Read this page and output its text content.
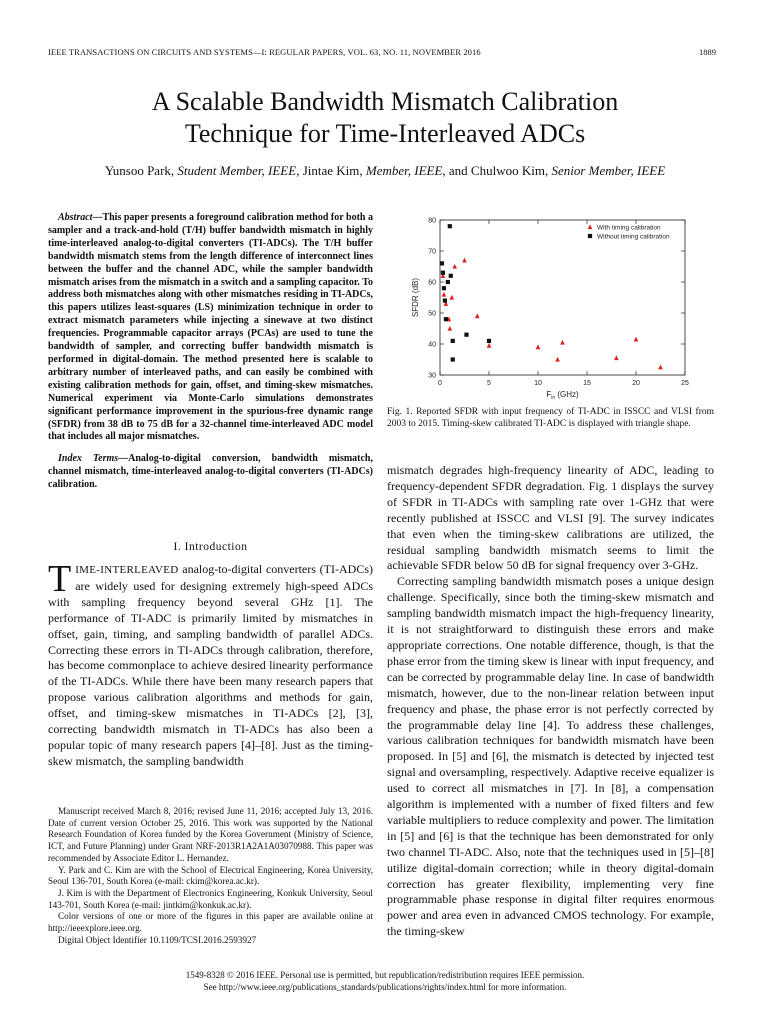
IEEE TRANSACTIONS ON CIRCUITS AND SYSTEMS—I: REGULAR PAPERS, VOL. 63, NO. 11, NOVEMBER 2016	1889
A Scalable Bandwidth Mismatch Calibration
Technique for Time-Interleaved ADCs
Yunsoo Park, Student Member, IEEE, Jintae Kim, Member, IEEE, and Chulwoo Kim, Senior Member, IEEE
Abstract—This paper presents a foreground calibration method for both a sampler and a track-and-hold (T/H) buffer bandwidth mismatch in highly time-interleaved analog-to-digital converters (TI-ADCs). The T/H buffer bandwidth mismatch stems from the length difference of interconnect lines between the buffer and the channel ADC, while the sampler bandwidth mismatch arises from the mismatch in a switch and a sampling capacitor. To address both mismatches along with other mismatches residing in TI-ADCs, this papers utilizes least-squares (LS) minimization technique in order to extract mismatch parameters while injecting a sinewave at two distinct frequencies. Programmable capacitor arrays (PCAs) are used to tune the bandwidth of sampler, and correcting buffer bandwidth mismatch is performed in digital-domain. The method presented here is scalable to arbitrary number of interleaved paths, and can easily be combined with existing calibration methods for gain, offset, and timing-skew mismatches. Numerical experiment via Monte-Carlo simulations demonstrates significant performance improvement in the spurious-free dynamic range (SFDR) from 38 dB to 75 dB for a 32-channel time-interleaved ADC model that includes all major mismatches.
Index Terms—Analog-to-digital conversion, bandwidth mismatch, channel mismatch, time-interleaved analog-to-digital converters (TI-ADCs) calibration.
I. Introduction
TIME-INTERLEAVED analog-to-digital converters (TI-ADCs) are widely used for designing extremely high-speed ADCs with sampling frequency beyond several GHz [1]. The performance of TI-ADC is primarily limited by mismatches in offset, gain, timing, and sampling bandwidth of parallel ADCs. Correcting these errors in TI-ADCs through calibration, therefore, has become commonplace to achieve desired linearity performance of the TI-ADCs. While there have been many research papers that propose various calibration algorithms and methods for gain, offset, and timing-skew mismatches in TI-ADCs [2], [3], correcting bandwidth mismatch in TI-ADCs has also been a popular topic of many research papers [4]–[8]. Just as the timing-skew mismatch, the sampling bandwidth

Manuscript received March 8, 2016; revised June 11, 2016; accepted July 13, 2016. Date of current version October 25, 2016. This work was supported by the National Research Foundation of Korea funded by the Korea Government (Ministry of Science, ICT, and Future Planning) under Grant NRF-2013R1A2A1A03070988. This paper was recommended by Associate Editor L. Hernandez.

Y. Park and C. Kim are with the School of Electrical Engineering, Korea University, Seoul 136-701, South Korea (e-mail: ckim@korea.ac.kr).

J. Kim is with the Department of Electronics Engineering, Konkuk University, Seoul 143-701, South Korea (e-mail: jintkim@konkuk.ac.kr).

Color versions of one or more of the figures in this paper are available online at http://ieeexplore.ieee.org.

Digital Object Identifier 10.1109/TCSI.2016.2593927

0	5	10	15	20	25
30
40
50
60
70
80
SFDR (dB)
$F_{in}$ (GHz)
With timing calibration
Without timing calibration
Fig. 1. Reported SFDR with input frequency of TI-ADC in ISSCC and VLSI from 2003 to 2015. Timing-skew calibrated TI-ADC is displayed with triangle shape.
mismatch degrades high-frequency linearity of ADC, leading to frequency-dependent SFDR degradation. Fig. 1 displays the survey of SFDR in TI-ADCs with sampling rate over 1-GHz that were recently published at ISSCC and VLSI [9]. The survey indicates that even when the timing-skew calibrations are utilized, the residual sampling bandwidth mismatch seems to limit the achievable SFDR below 50 dB for signal frequency over 3-GHz.
Correcting sampling bandwidth mismatch poses a unique design challenge. Specifically, since both the timing-skew mismatch and sampling bandwidth mismatch impact the high-frequency linearity, it is not straightforward to distinguish these errors and make appropriate corrections. One notable difference, though, is that the phase error from the timing skew is linear with input frequency, and can be corrected by programmable delay line. In case of bandwidth mismatch, however, due to the non-linear relation between input frequency and phase, the phase error is not perfectly corrected by the programmable delay line [4]. To address these challenges, various calibration techniques for bandwidth mismatch have been proposed. In [5] and [6], the mismatch is detected by injected test signal and oversampling, respectively. Adaptive receive equalizer is used to correct all mismatches in [7]. In [8], a compensation algorithm is implemented with a number of fixed filters and few variable multipliers to reduce complexity and power. The limitation in [5] and [6] is that the technique has been demonstrated for only two channel TI-ADC. Also, note that the techniques used in [5]–[8] utilize digital-domain correction; while in theory digital-domain correction has greater flexibility, implementing very fine programmable phase response in digital filter requires enormous power and area even in advanced CMOS technology. For example, the timing-skew
1549-8328 © 2016 IEEE. Personal use is permitted, but republication/redistribution requires IEEE permission.
See http://www.ieee.org/publications_standards/publications/rights/index.html for more information.
